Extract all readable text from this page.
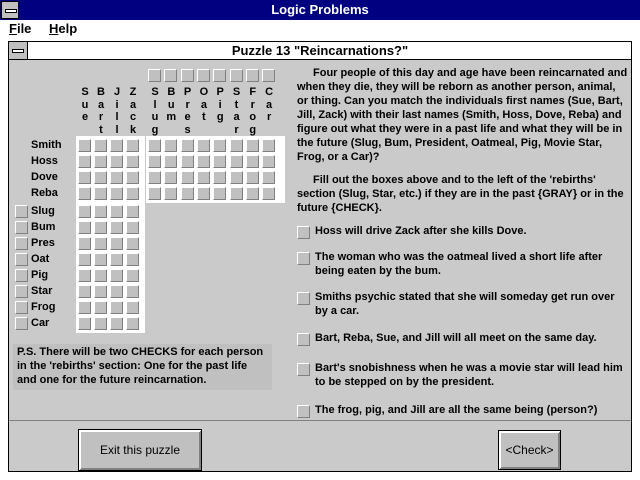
Logic Problems
File Help
Puzzle 13 "Reincarnations?"
S
u
e
B
a
r
t
J
i
l
l
Z
a
c
k
S
l
u
g
B
u
m
P
r
e
s
O
a
t
P
i
g
S
t
a
r
F
r
o
g
C
a
r
Smith
Hoss
Dove
Reba
Slug
Bum
Pres
Oat
Pig
Star
Frog
Car
Four people of this day and age have been reincarnated and when they die, they will be reborn as another person, animal, or thing. Can you match the individuals first names (Sue, Bart, Jill, Zack) with their last names (Smith, Hoss, Dove, Reba) and figure out what they were in a past life and what they will be in the future (Slug, Bum, President, Oatmeal, Pig, Movie Star, Frog, or a Car)?
Fill out the boxes above and to the left of the 'rebirths' section (Slug, Star, etc.) if they are in the past {GRAY} or in the future {CHECK}.
Hoss will drive Zack after she kills Dove.
The woman who was the oatmeal lived a short life after being eaten by the bum.
Smiths psychic stated that she will someday get run over by a car.
Bart, Reba, Sue, and Jill will all meet on the same day.
Bart's snobishness when he was a movie star will lead him to be stepped on by the president.
The frog, pig, and Jill are all the same being (person?)
P.S. There will be two CHECKS for each person in the 'rebirths' section: One for the past life and one for the future reincarnation.
Exit this puzzle	<Check>
